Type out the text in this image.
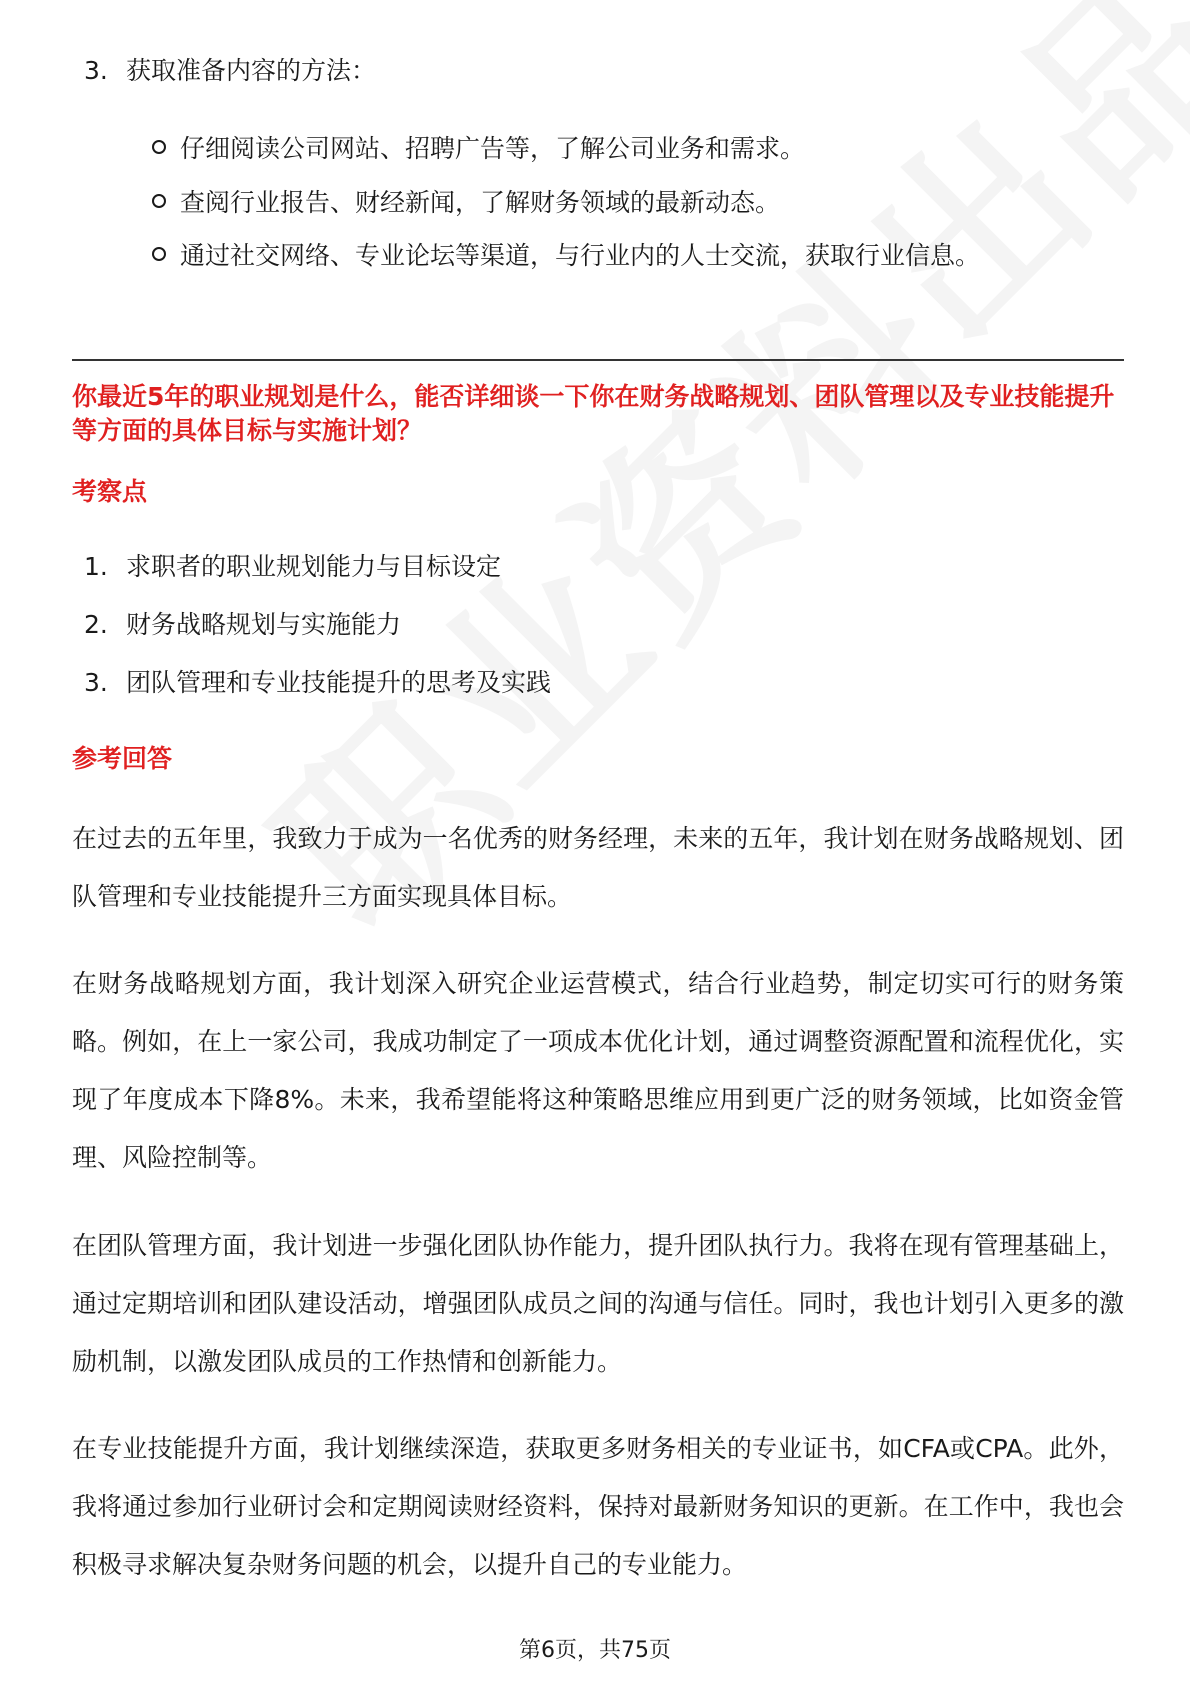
3. 获取准备内容的方法：
仔细阅读公司网站、招聘广告等，了解公司业务和需求。
查阅行业报告、财经新闻，了解财务领域的最新动态。
通过社交网络、专业论坛等渠道，与行业内的人士交流，获取行业信息。
你最近5年的职业规划是什么，能否详细谈一下你在财务战略规划、团队管理以及专业技能提升等方面的具体目标与实施计划？
考察点
1. 求职者的职业规划能力与目标设定
2. 财务战略规划与实施能力
3. 团队管理和专业技能提升的思考及实践
参考回答
在过去的五年里，我致力于成为一名优秀的财务经理，未来的五年，我计划在财务战略规划、团队管理和专业技能提升三方面实现具体目标。
在财务战略规划方面，我计划深入研究企业运营模式，结合行业趋势，制定切实可行的财务策略。例如，在上一家公司，我成功制定了一项成本优化计划，通过调整资源配置和流程优化，实现了年度成本下降8%。未来，我希望能将这种策略思维应用到更广泛的财务领域，比如资金管理、风险控制等。
在团队管理方面，我计划进一步强化团队协作能力，提升团队执行力。我将在现有管理基础上，通过定期培训和团队建设活动，增强团队成员之间的沟通与信任。同时，我也计划引入更多的激励机制，以激发团队成员的工作热情和创新能力。
在专业技能提升方面，我计划继续深造，获取更多财务相关的专业证书，如CFA或CPA。此外，我将通过参加行业研讨会和定期阅读财经资料，保持对最新财务知识的更新。在工作中，我也会积极寻求解决复杂财务问题的机会，以提升自己的专业能力。
第6页，共75页
